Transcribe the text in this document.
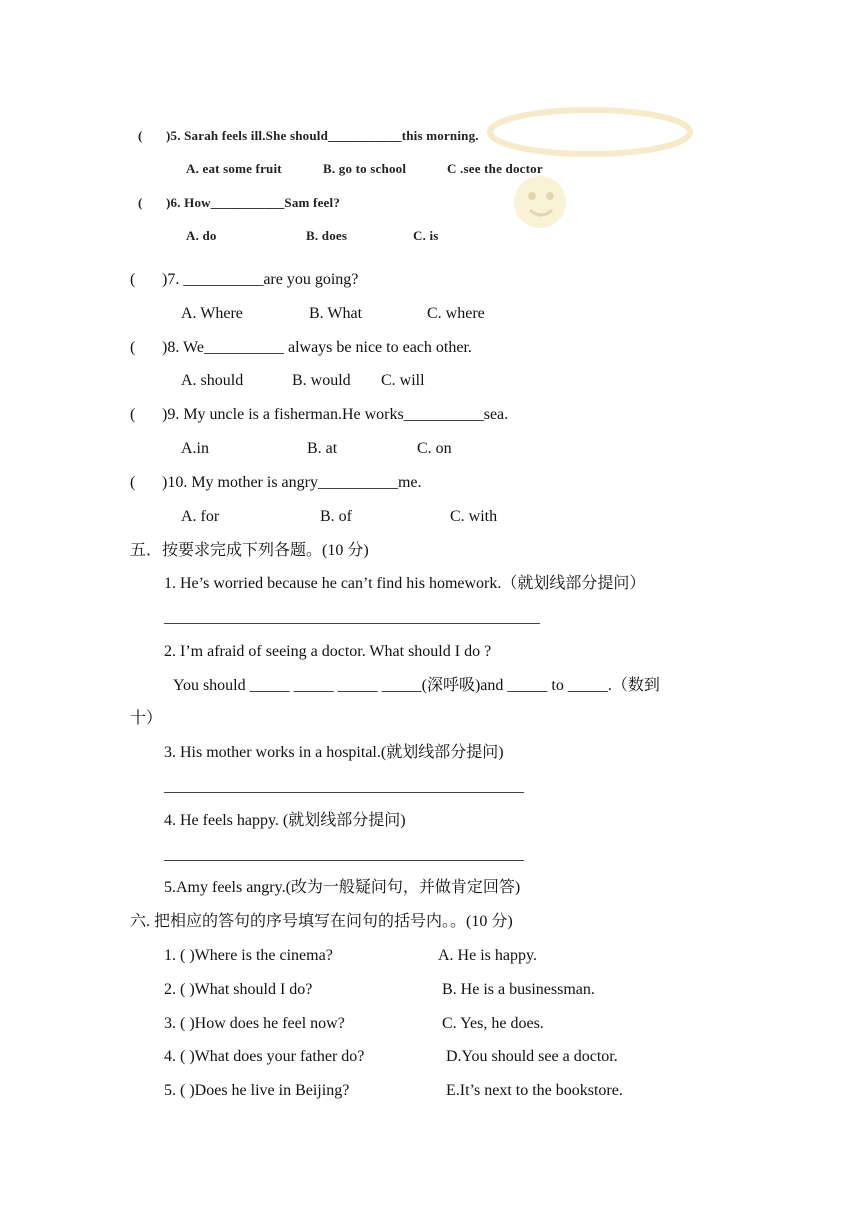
( )5. Sarah feels ill.She should___________this morning.
A. eat some fruit	B. go to school	C .see the doctor
( )6. How___________Sam feel?
A. do	B. does	C. is
( )7. __________are you going?
A. Where	B. What	C. where
( )8. We__________ always be nice to each other.
A. should	B. would C. will
( )9. My uncle is a fisherman.He works__________sea.
A.in	B. at	C. on
( )10. My mother is angry__________me.
A. for	B. of	C. with
五．按要求完成下列各题。(10 分)
1. He’s worried because he can’t find his homework.（就划线部分提问）
_______________________________________________
2. I’m afraid of seeing a doctor. What should I do ?
You should _____ _____ _____ _____(深呼吸)and _____ to _____.（数到
十）
3. His mother works in a hospital.(就划线部分提问)
_____________________________________________
4. He feels happy. (就划线部分提问)
_____________________________________________
5.Amy feels angry.(改为一般疑问句，并做肯定回答)
六. 把相应的答句的序号填写在问句的括号内。。(10 分)
1. ( )Where is the cinema?	A. He is happy.
2. ( )What should I do?	B. He is a businessman.
3. ( )How does he feel now?	C. Yes, he does.
4. ( )What does your father do?	D.You should see a doctor.
5. ( )Does he live in Beijing?	E.It’s next to the bookstore.
